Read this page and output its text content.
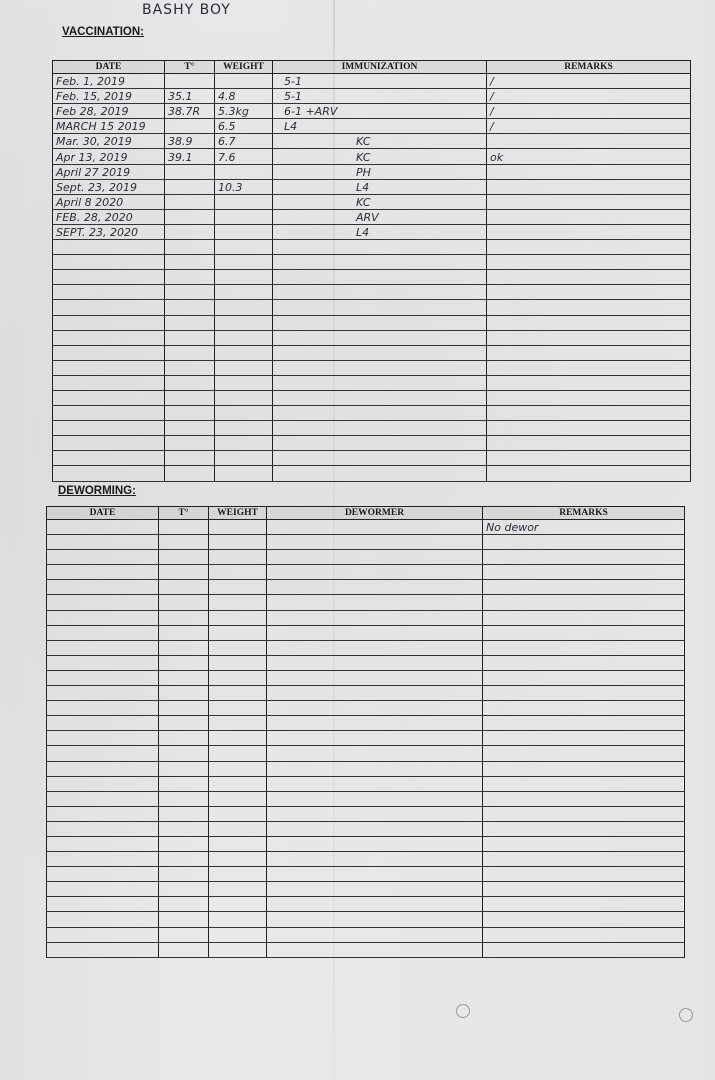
BASHY BOY
VACCINATION:
DATE	T°	WEIGHT	IMMUNIZATION	REMARKS
Feb. 1, 2019			5-1	/
Feb. 15, 2019	35.1	4.8	5-1	/
Feb 28, 2019	38.7R	5.3kg	6-1 +ARV	/
MARCH 15 2019		6.5	L4	/
Mar. 30, 2019	38.9	6.7	KC	
Apr 13, 2019	39.1	7.6	KC	ok
April 27 2019			PH	
Sept. 23, 2019		10.3	L4	
April 8 2020			KC	
FEB. 28, 2020			ARV	
SEPT. 23, 2020			L4	

DEWORMING:
DATE	T°	WEIGHT	DEWORMER	REMARKS
				No dewor
